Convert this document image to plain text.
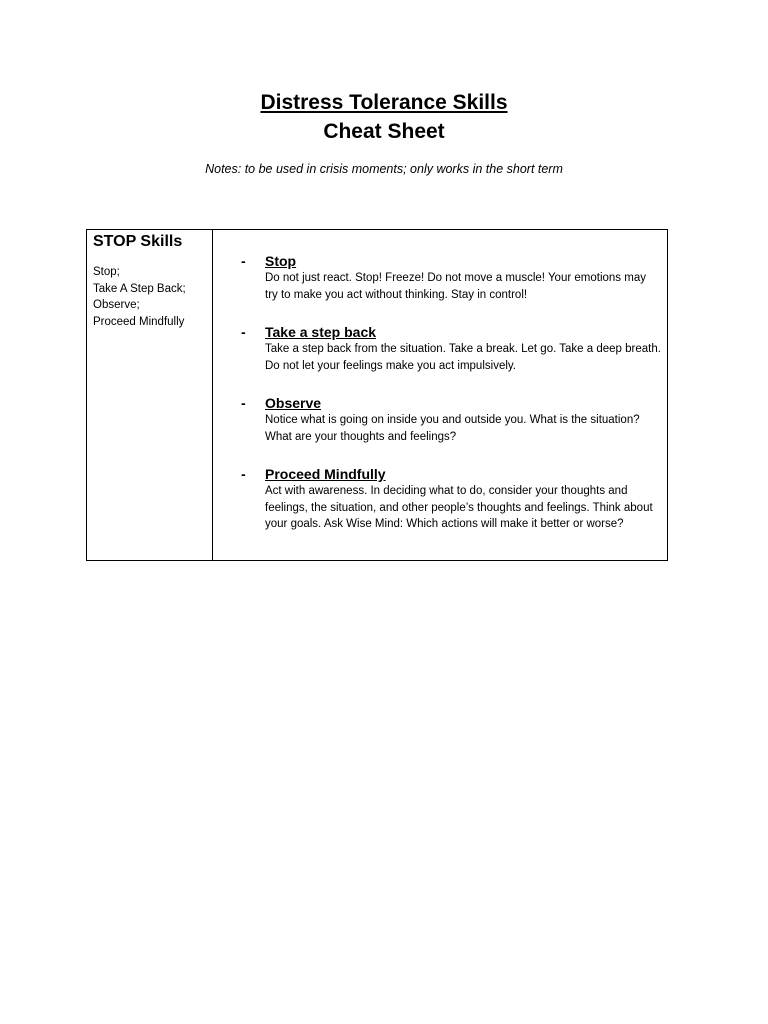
Distress Tolerance Skills

Cheat Sheet

Notes: to be used in crisis moments; only works in the short term

STOP Skills

Stop;
Take A Step Back;
Observe;
Proceed Mindfully
-	Stop

Do not just react. Stop! Freeze! Do not move a muscle! Your emotions may try to make you act without thinking. Stay in control!

-	Take a step back

Take a step back from the situation. Take a break. Let go. Take a deep breath. Do not let your feelings make you act impulsively.

-	Observe

Notice what is going on inside you and outside you. What is the situation? What are your thoughts and feelings?

-	Proceed Mindfully

Act with awareness. In deciding what to do, consider your thoughts and feelings, the situation, and other people’s thoughts and feelings. Think about your goals. Ask Wise Mind: Which actions will make it better or worse?
